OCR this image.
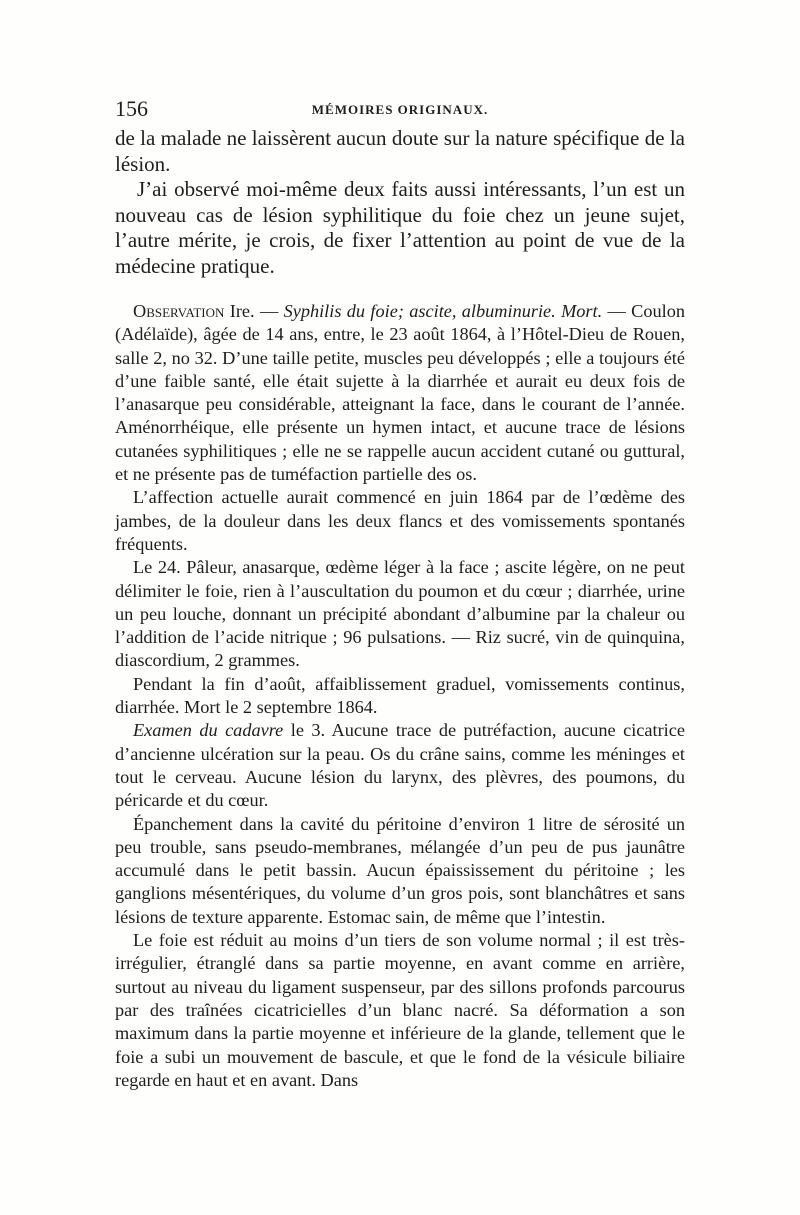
156	MÉMOIRES ORIGINAUX.

de la malade ne laissèrent aucun doute sur la nature spécifique de la lésion.

J’ai observé moi-même deux faits aussi intéressants, l’un est un nouveau cas de lésion syphilitique du foie chez un jeune sujet, l’autre mérite, je crois, de fixer l’attention au point de vue de la médecine pratique.

Observation Ire. — Syphilis du foie; ascite, albuminurie. Mort. — Coulon (Adélaïde), âgée de 14 ans, entre, le 23 août 1864, à l’Hôtel-Dieu de Rouen, salle 2, no 32. D’une taille petite, muscles peu développés ; elle a toujours été d’une faible santé, elle était sujette à la diarrhée et aurait eu deux fois de l’anasarque peu considérable, atteignant la face, dans le courant de l’année. Aménorrhéique, elle présente un hymen intact, et aucune trace de lésions cutanées syphilitiques ; elle ne se rappelle aucun accident cutané ou guttural, et ne présente pas de tuméfaction partielle des os.

L’affection actuelle aurait commencé en juin 1864 par de l’œdème des jambes, de la douleur dans les deux flancs et des vomissements spontanés fréquents.

Le 24. Pâleur, anasarque, œdème léger à la face ; ascite légère, on ne peut délimiter le foie, rien à l’auscultation du poumon et du cœur ; diarrhée, urine un peu louche, donnant un précipité abondant d’albumine par la chaleur ou l’addition de l’acide nitrique ; 96 pulsations. — Riz sucré, vin de quinquina, diascordium, 2 grammes.

Pendant la fin d’août, affaiblissement graduel, vomissements continus, diarrhée. Mort le 2 septembre 1864.

Examen du cadavre le 3. Aucune trace de putréfaction, aucune cicatrice d’ancienne ulcération sur la peau. Os du crâne sains, comme les méninges et tout le cerveau. Aucune lésion du larynx, des plèvres, des poumons, du péricarde et du cœur.

Épanchement dans la cavité du péritoine d’environ 1 litre de sérosité un peu trouble, sans pseudo-membranes, mélangée d’un peu de pus jaunâtre accumulé dans le petit bassin. Aucun épaississement du péritoine ; les ganglions mésentériques, du volume d’un gros pois, sont blanchâtres et sans lésions de texture apparente. Estomac sain, de même que l’intestin.

Le foie est réduit au moins d’un tiers de son volume normal ; il est très-irrégulier, étranglé dans sa partie moyenne, en avant comme en arrière, surtout au niveau du ligament suspenseur, par des sillons profonds parcourus par des traînées cicatricielles d’un blanc nacré. Sa déformation a son maximum dans la partie moyenne et inférieure de la glande, tellement que le foie a subi un mouvement de bascule, et que le fond de la vésicule biliaire regarde en haut et en avant. Dans
